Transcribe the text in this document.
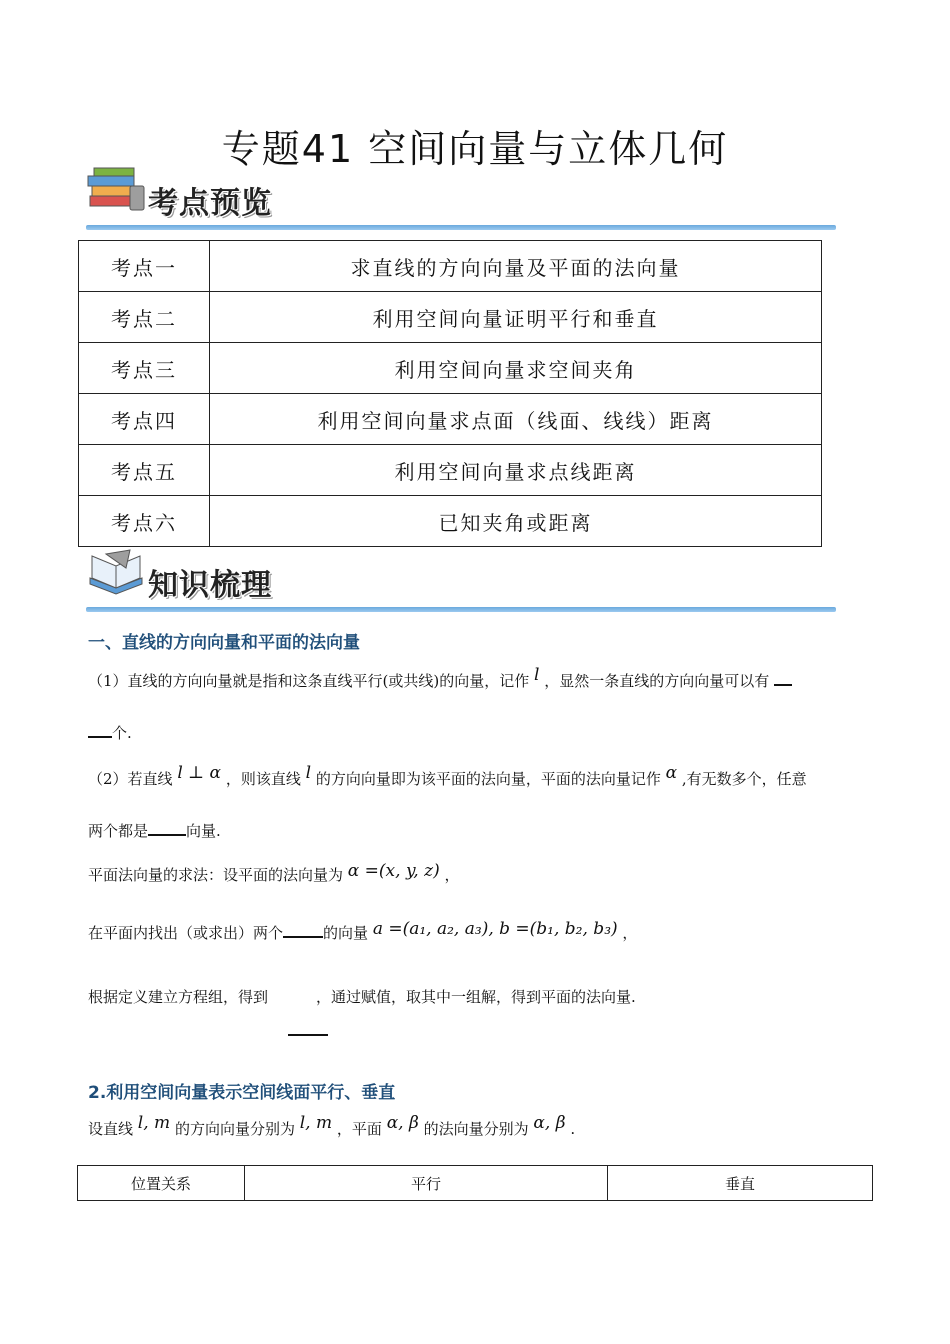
专题41 空间向量与立体几何
考点预览
考点一	求直线的方向向量及平面的法向量
考点二	利用空间向量证明平行和垂直
考点三	利用空间向量求空间夹角
考点四	利用空间向量求点面（线面、线线）距离
考点五	利用空间向量求点线距离
考点六	已知夹角或距离
知识梳理
一、直线的方向向量和平面的法向量
（1）直线的方向向量就是指和这条直线平行(或共线)的向量，记作 l ，显然一条直线的方向向量可以有
个.
（2）若直线 l ⊥ α ，则该直线 l 的方向向量即为该平面的法向量，平面的法向量记作 α ,有无数多个，任意
两个都是	向量.
平面法向量的求法：设平面的法向量为 α =(x, y, z) ，
在平面内找出（或求出）两个	的向量 a =(a₁, a₂, a₃), b =(b₁, b₂, b₃) ，
根据定义建立方程组，得到	，通过赋值，取其中一组解，得到平面的法向量.
2.利用空间向量表示空间线面平行、垂直
设直线 l, m 的方向向量分别为 l, m ，平面 α, β 的法向量分别为 α, β .
位置关系	平行	垂直
